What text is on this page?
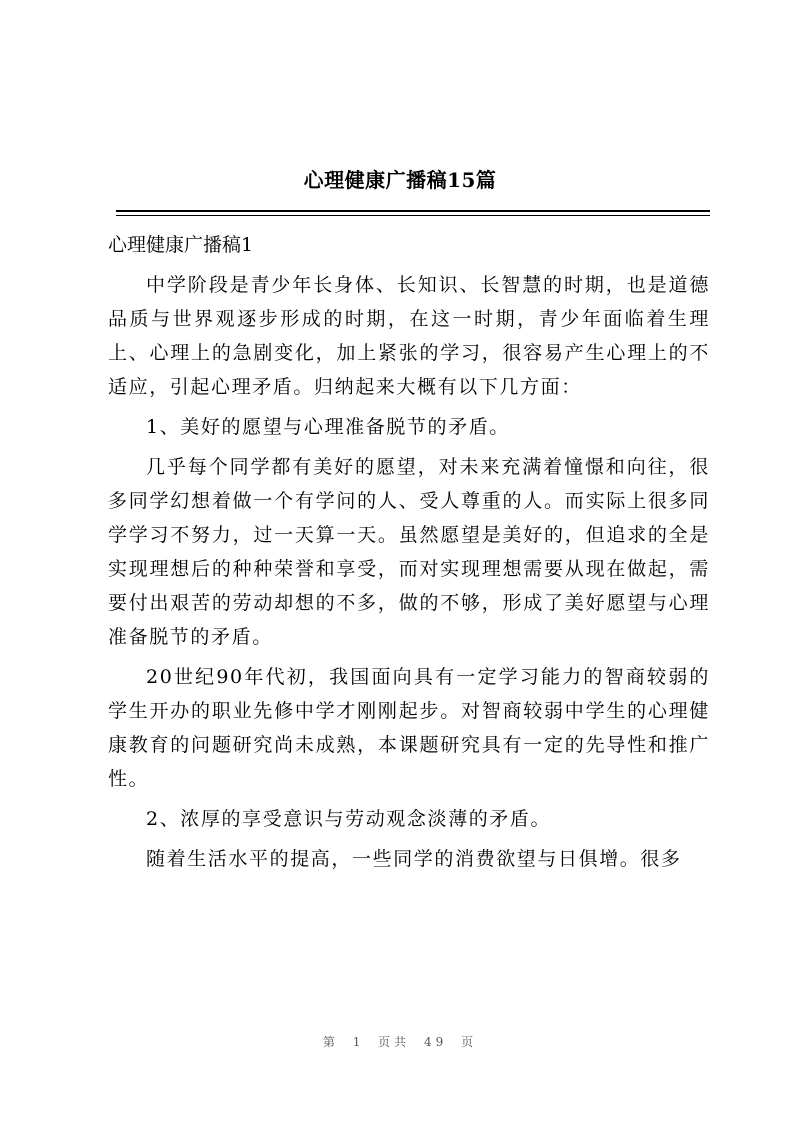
心理健康广播稿15篇

心理健康广播稿1

中学阶段是青少年长身体、长知识、长智慧的时期，也是道德品质与世界观逐步形成的时期，在这一时期，青少年面临着生理上、心理上的急剧变化，加上紧张的学习，很容易产生心理上的不适应，引起心理矛盾。归纳起来大概有以下几方面：

1、美好的愿望与心理准备脱节的矛盾。

几乎每个同学都有美好的愿望，对未来充满着憧憬和向往，很多同学幻想着做一个有学问的人、受人尊重的人。而实际上很多同学学习不努力，过一天算一天。虽然愿望是美好的，但追求的全是实现理想后的种种荣誉和享受，而对实现理想需要从现在做起，需要付出艰苦的劳动却想的不多，做的不够，形成了美好愿望与心理准备脱节的矛盾。

20世纪90年代初，我国面向具有一定学习能力的智商较弱的学生开办的职业先修中学才刚刚起步。对智商较弱中学生的心理健康教育的问题研究尚未成熟，本课题研究具有一定的先导性和推广性。

2、浓厚的享受意识与劳动观念淡薄的矛盾。

随着生活水平的提高，一些同学的消费欲望与日俱增。很多

第 1 页共 49 页
